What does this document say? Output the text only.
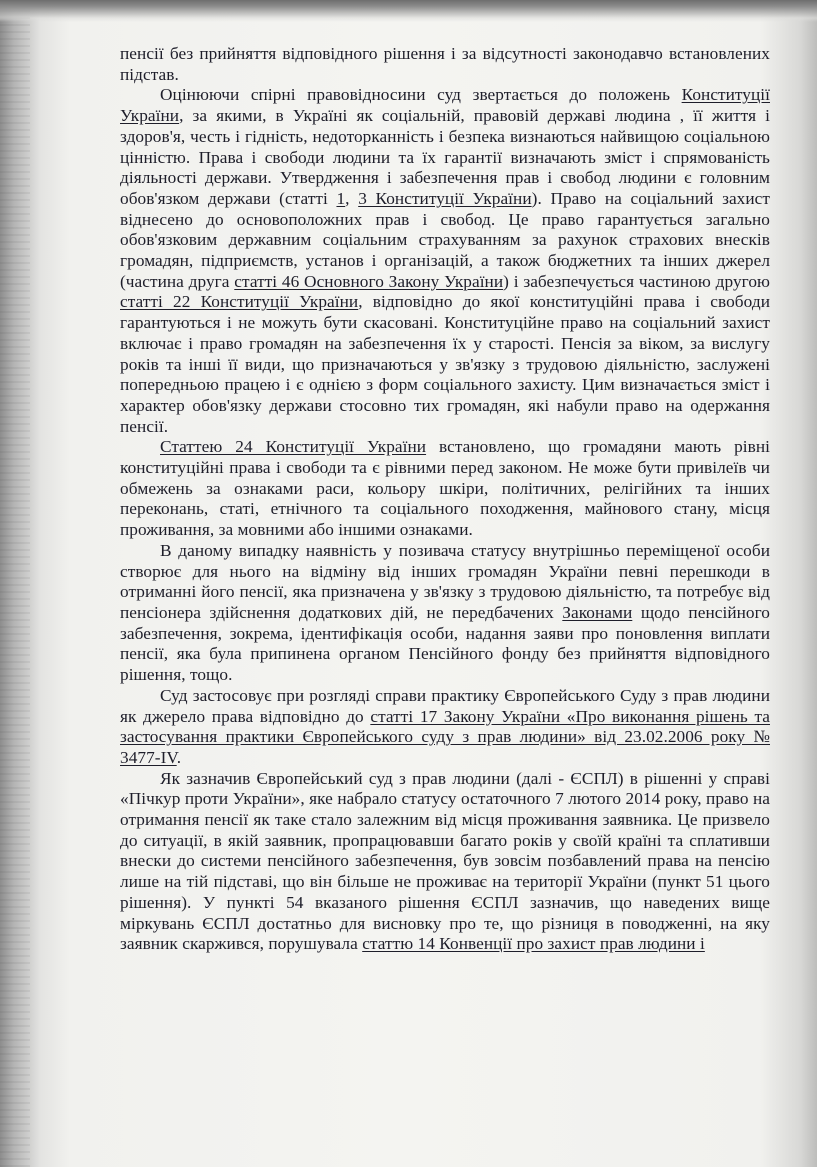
пенсії без прийняття відповідного рішення і за відсутності законодавчо встановлених підстав.

Оцінюючи спірні правовідносини суд звертається до положень Конституції України, за якими, в Україні як соціальній, правовій державі людина , її життя і здоров'я, честь і гідність, недоторканність і безпека визнаються найвищою соціальною цінністю. Права і свободи людини та їх гарантії визначають зміст і спрямованість діяльності держави. Утвердження і забезпечення прав і свобод людини є головним обов'язком держави (статті 1, 3 Конституції України). Право на соціальний захист віднесено до основоположних прав і свобод. Це право гарантується загально обов'язковим державним соціальним страхуванням за рахунок страхових внесків громадян, підприємств, установ і організацій, а також бюджетних та інших джерел (частина друга статті 46 Основного Закону України) і забезпечується частиною другою статті 22 Конституції України, відповідно до якої конституційні права і свободи гарантуються і не можуть бути скасовані. Конституційне право на соціальний захист включає і право громадян на забезпечення їх у старості. Пенсія за віком, за вислугу років та інші її види, що призначаються у зв'язку з трудовою діяльністю, заслужені попередньою працею і є однією з форм соціального захисту. Цим визначається зміст і характер обов'язку держави стосовно тих громадян, які набули право на одержання пенсії.

Статтею 24 Конституції України встановлено, що громадяни мають рівні конституційні права і свободи та є рівними перед законом. Не може бути привілеїв чи обмежень за ознаками раси, кольору шкіри, політичних, релігійних та інших переконань, статі, етнічного та соціального походження, майнового стану, місця проживання, за мовними або іншими ознаками.

В даному випадку наявність у позивача статусу внутрішньо переміщеної особи створює для нього на відміну від інших громадян України певні перешкоди в отриманні його пенсії, яка призначена у зв'язку з трудовою діяльністю, та потребує від пенсіонера здійснення додаткових дій, не передбачених Законами щодо пенсійного забезпечення, зокрема, ідентифікація особи, надання заяви про поновлення виплати пенсії, яка була припинена органом Пенсійного фонду без прийняття відповідного рішення, тощо.

Суд застосовує при розгляді справи практику Європейського Суду з прав людини як джерело права відповідно до статті 17 Закону України «Про виконання рішень та застосування практики Європейського суду з прав людини» від 23.02.2006 року № 3477-IV.

Як зазначив Європейський суд з прав людини (далі - ЄСПЛ) в рішенні у справі «Пічкур проти України», яке набрало статусу остаточного 7 лютого 2014 року, право на отримання пенсії як таке стало залежним від місця проживання заявника. Це призвело до ситуації, в якій заявник, пропрацювавши багато років у своїй країні та сплативши внески до системи пенсійного забезпечення, був зовсім позбавлений права на пенсію лише на тій підставі, що він більше не проживає на території України (пункт 51 цього рішення). У пункті 54 вказаного рішення ЄСПЛ зазначив, що наведених вище міркувань ЄСПЛ достатньо для висновку про те, що різниця в поводженні, на яку заявник скаржився, порушувала статтю 14 Конвенції про захист прав людини і
